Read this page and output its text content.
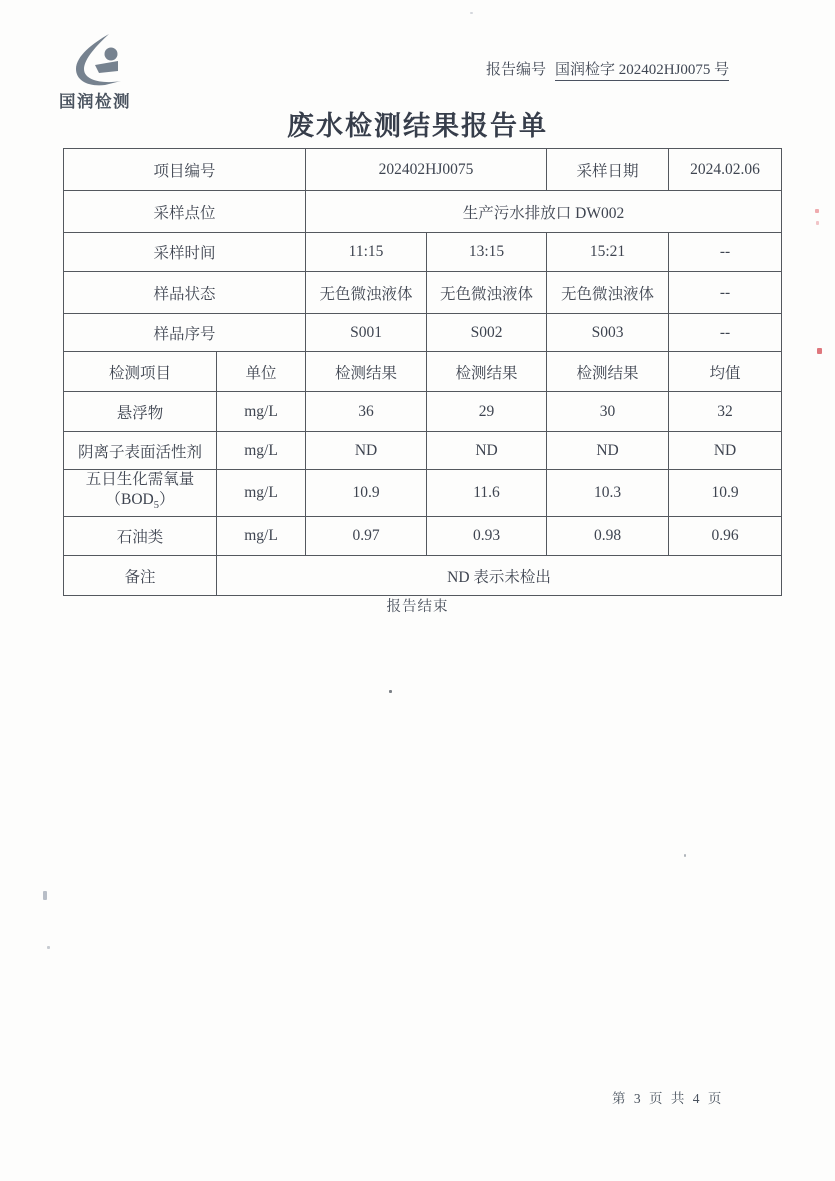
国润检测
报告编号 国润检字 202402HJ0075 号
废水检测结果报告单
项目编号		202402HJ0075		采样日期	2024.02.06
采样点位		生产污水排放口 DW002			
采样时间		11:15	13:15	15:21	--
样品状态		无色微浊液体	无色微浊液体	无色微浊液体	--
样品序号		S001	S002	S003	--
检测项目	单位	检测结果	检测结果	检测结果	均值
悬浮物	mg/L	36	29	30	32
阴离子表面活性剂	mg/L	ND	ND	ND	ND

五日生化需氧量
$(BOD_5)$	mg/L	10.9	11.6	10.3	10.9
石油类	mg/L	0.97	0.93	0.98	0.96
备注	ND 表示未检出				
报告结束
第 3 页 共 4 页
